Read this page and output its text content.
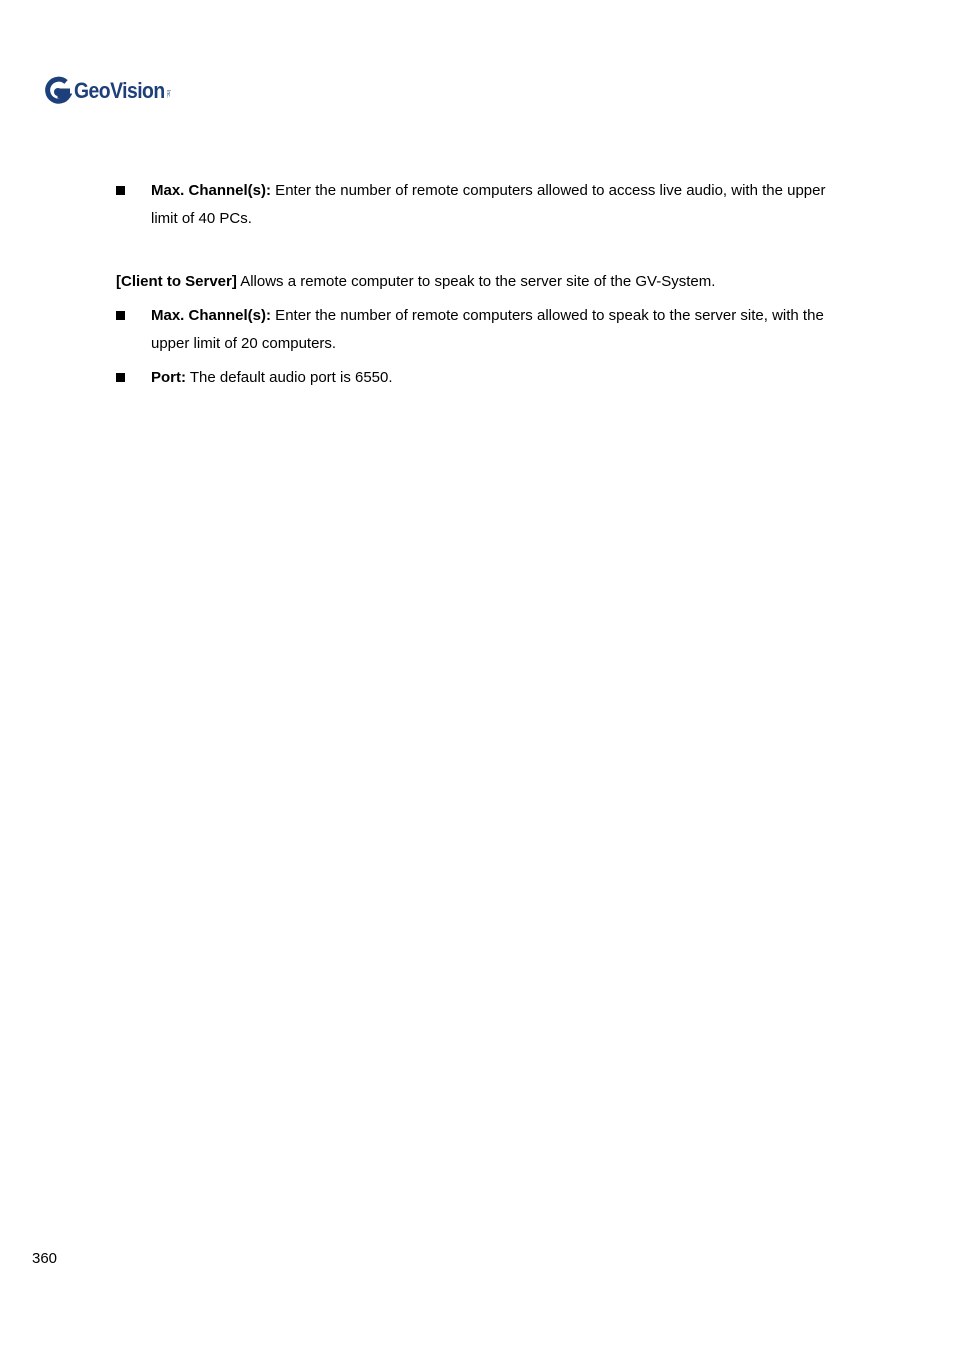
GeoVision Inc.
Max. Channel(s): Enter the number of remote computers allowed to access live audio, with the upper limit of 40 PCs.
[Client to Server] Allows a remote computer to speak to the server site of the GV-System.
Max. Channel(s): Enter the number of remote computers allowed to speak to the server site, with the upper limit of 20 computers.
Port: The default audio port is 6550.
360
